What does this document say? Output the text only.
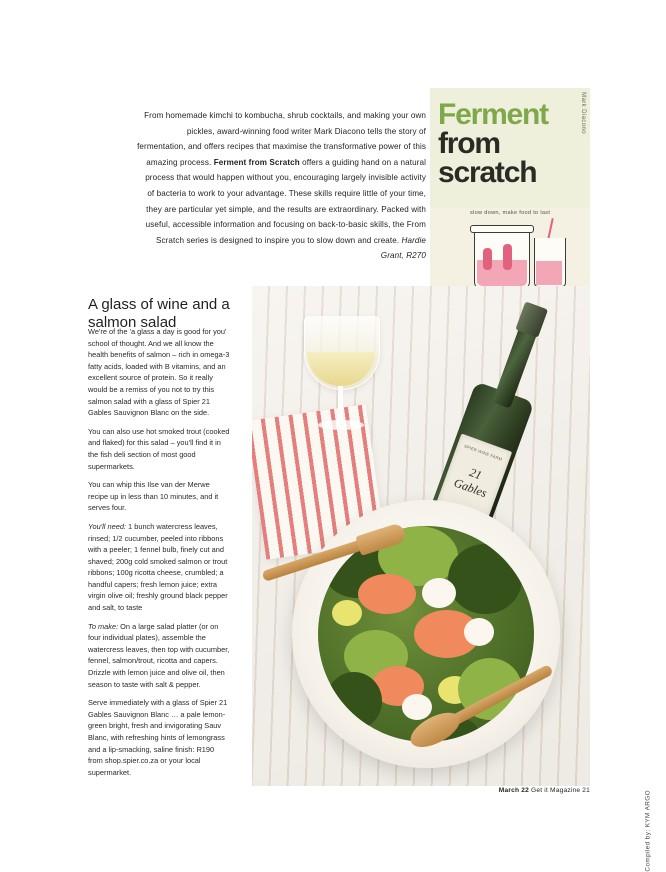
From homemade kimchi to kombucha, shrub cocktails, and making your own pickles, award-winning food writer Mark Diacono tells the story of fermentation, and offers recipes that maximise the transformative power of this amazing process. Ferment from Scratch offers a guiding hand on a natural process that would happen without you, encouraging largely invisible activity of bacteria to work to your advantage. These skills require little of your time, they are particular yet simple, and the results are extraordinary. Packed with useful, accessible information and focusing on back-to-basic skills, the From Scratch series is designed to inspire you to slow down and create. Hardie Grant, R270
Ferment
from
scratch
Mark Diacono
slow down, make food to last
A glass of wine and a salmon salad

We're of the 'a glass a day is good for you' school of thought. And we all know the health benefits of salmon – rich in omega-3 fatty acids, loaded with B vitamins, and an excellent source of protein. So it really would be a remiss of you not to try this salmon salad with a glass of Spier 21 Gables Sauvignon Blanc on the side.

You can also use hot smoked trout (cooked and flaked) for this salad – you'll find it in the fish deli section of most good supermarkets.

You can whip this Ilse van der Merwe recipe up in less than 10 minutes, and it serves four.

You'll need: 1 bunch watercress leaves, rinsed; 1/2 cucumber, peeled into ribbons with a peeler; 1 fennel bulb, finely cut and shaved; 200g cold smoked salmon or trout ribbons; 100g ricotta cheese, crumbled; a handful capers; fresh lemon juice; extra virgin olive oil; freshly ground black pepper and salt, to taste

To make: On a large salad platter (or on four individual plates), assemble the watercress leaves, then top with cucumber, fennel, salmon/trout, ricotta and capers. Drizzle with lemon juice and olive oil, then season to taste with salt & pepper.

Serve immediately with a glass of Spier 21 Gables Sauvignon Blanc … a pale lemon-green bright, fresh and invigorating Sauv Blanc, with refreshing hints of lemongrass and a lip-smacking, saline finish: R190 from shop.spier.co.za or your local supermarket.

SPIER WINE FARM
21 Gables
Compiled by: KYM ARGO
March 22 Get it Magazine 21
